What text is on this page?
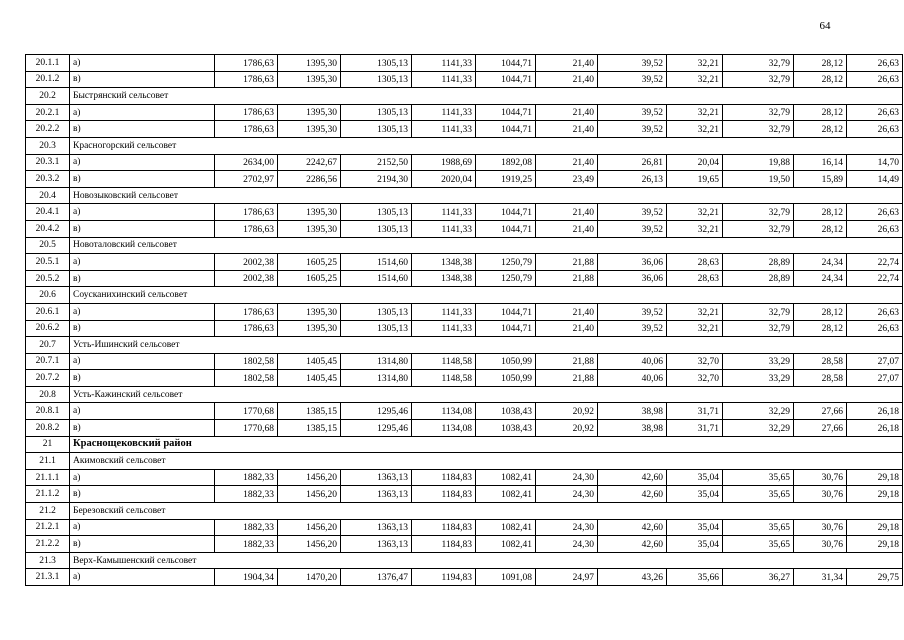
64
20.1.1	а)	1786,63	1395,30	1305,13	1141,33	1044,71	21,40	39,52	32,21	32,79	28,12	26,63
20.1.2	в)	1786,63	1395,30	1305,13	1141,33	1044,71	21,40	39,52	32,21	32,79	28,12	26,63
20.2	Быстрянский сельсовет											
20.2.1	а)	1786,63	1395,30	1305,13	1141,33	1044,71	21,40	39,52	32,21	32,79	28,12	26,63
20.2.2	в)	1786,63	1395,30	1305,13	1141,33	1044,71	21,40	39,52	32,21	32,79	28,12	26,63
20.3	Красногорский сельсовет											
20.3.1	а)	2634,00	2242,67	2152,50	1988,69	1892,08	21,40	26,81	20,04	19,88	16,14	14,70
20.3.2	в)	2702,97	2286,56	2194,30	2020,04	1919,25	23,49	26,13	19,65	19,50	15,89	14,49
20.4	Новозыковский сельсовет											
20.4.1	а)	1786,63	1395,30	1305,13	1141,33	1044,71	21,40	39,52	32,21	32,79	28,12	26,63
20.4.2	в)	1786,63	1395,30	1305,13	1141,33	1044,71	21,40	39,52	32,21	32,79	28,12	26,63
20.5	Новоталовский сельсовет											
20.5.1	а)	2002,38	1605,25	1514,60	1348,38	1250,79	21,88	36,06	28,63	28,89	24,34	22,74
20.5.2	в)	2002,38	1605,25	1514,60	1348,38	1250,79	21,88	36,06	28,63	28,89	24,34	22,74
20.6	Соусканихинский сельсовет											
20.6.1	а)	1786,63	1395,30	1305,13	1141,33	1044,71	21,40	39,52	32,21	32,79	28,12	26,63
20.6.2	в)	1786,63	1395,30	1305,13	1141,33	1044,71	21,40	39,52	32,21	32,79	28,12	26,63
20.7	Усть-Ишинский сельсовет											
20.7.1	а)	1802,58	1405,45	1314,80	1148,58	1050,99	21,88	40,06	32,70	33,29	28,58	27,07
20.7.2	в)	1802,58	1405,45	1314,80	1148,58	1050,99	21,88	40,06	32,70	33,29	28,58	27,07
20.8	Усть-Кажинский сельсовет											
20.8.1	а)	1770,68	1385,15	1295,46	1134,08	1038,43	20,92	38,98	31,71	32,29	27,66	26,18
20.8.2	в)	1770,68	1385,15	1295,46	1134,08	1038,43	20,92	38,98	31,71	32,29	27,66	26,18
21	Краснощековский район											
21.1	Акимовский сельсовет											
21.1.1	а)	1882,33	1456,20	1363,13	1184,83	1082,41	24,30	42,60	35,04	35,65	30,76	29,18
21.1.2	в)	1882,33	1456,20	1363,13	1184,83	1082,41	24,30	42,60	35,04	35,65	30,76	29,18
21.2	Березовский сельсовет											
21.2.1	а)	1882,33	1456,20	1363,13	1184,83	1082,41	24,30	42,60	35,04	35,65	30,76	29,18
21.2.2	в)	1882,33	1456,20	1363,13	1184,83	1082,41	24,30	42,60	35,04	35,65	30,76	29,18
21.3	Верх-Камышенский сельсовет											
21.3.1	а)	1904,34	1470,20	1376,47	1194,83	1091,08	24,97	43,26	35,66	36,27	31,34	29,75
